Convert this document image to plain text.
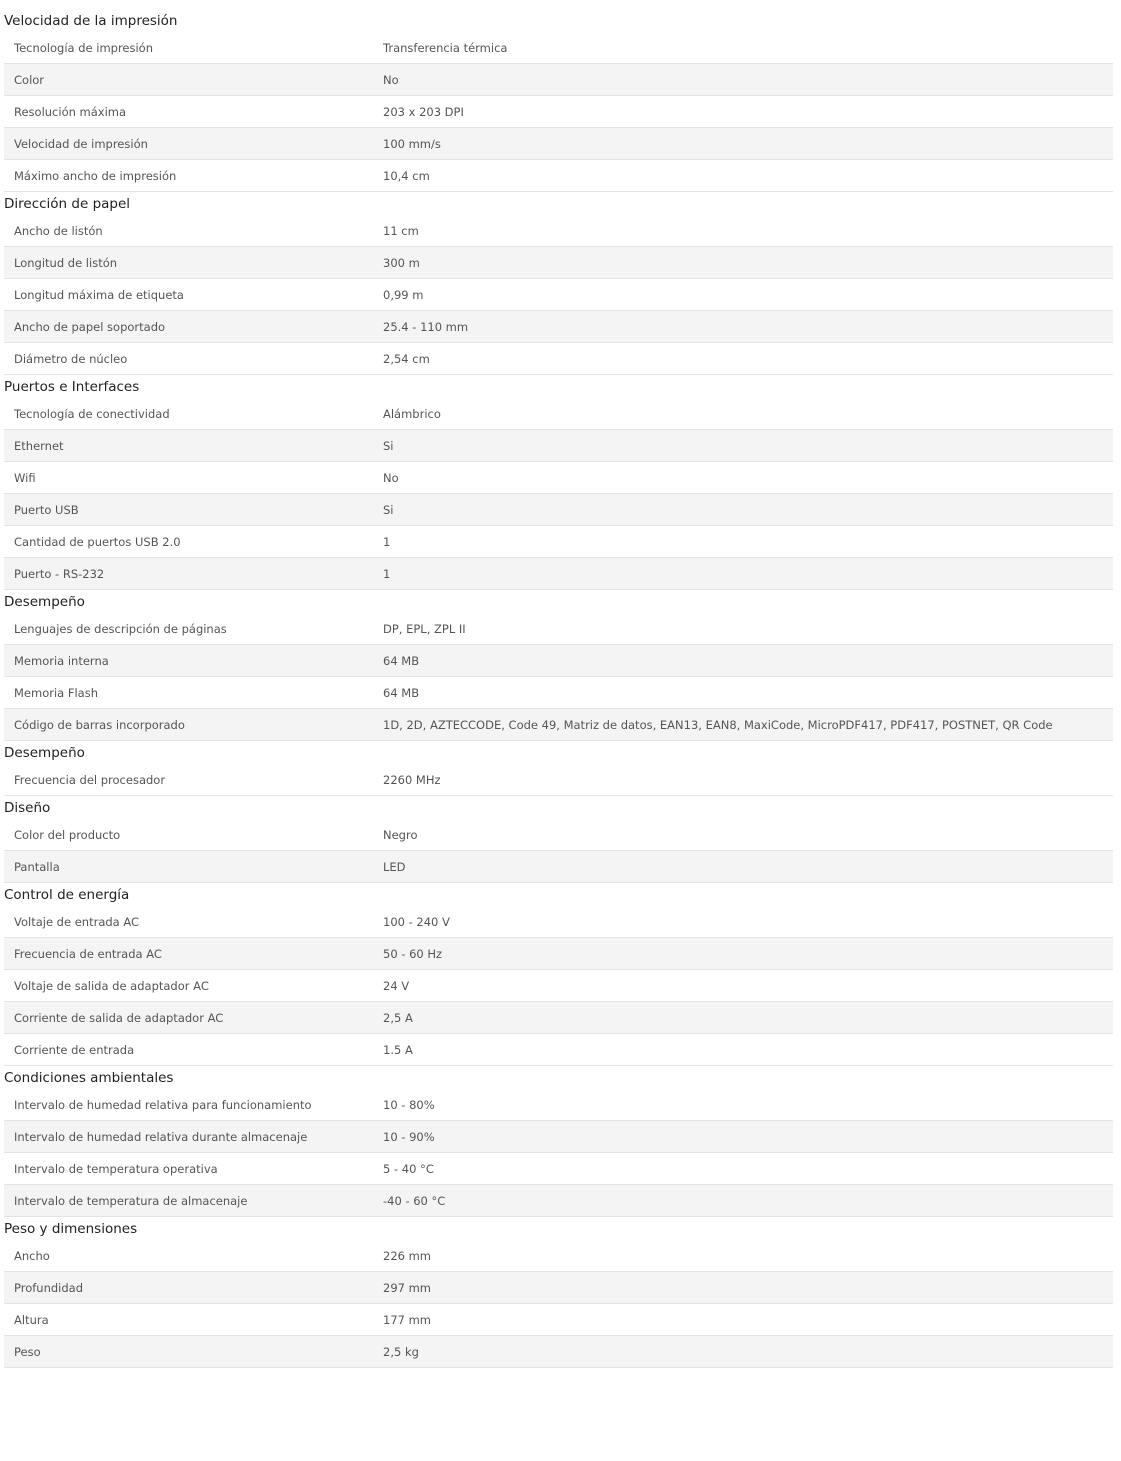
Velocidad de la impresión
Tecnología de impresión	Transferencia térmica
Color	No
Resolución máxima	203 x 203 DPI
Velocidad de impresión	100 mm/s
Máximo ancho de impresión	10,4 cm
Dirección de papel
Ancho de listón	11 cm
Longitud de listón	300 m
Longitud máxima de etiqueta	0,99 m
Ancho de papel soportado	25.4 - 110 mm
Diámetro de núcleo	2,54 cm
Puertos e Interfaces
Tecnología de conectividad	Alámbrico
Ethernet	Si
Wifi	No
Puerto USB	Si
Cantidad de puertos USB 2.0	1
Puerto - RS-232	1
Desempeño
Lenguajes de descripción de páginas	DP, EPL, ZPL II
Memoria interna	64 MB
Memoria Flash	64 MB
Código de barras incorporado	1D, 2D, AZTECCODE, Code 49, Matriz de datos, EAN13, EAN8, MaxiCode, MicroPDF417, PDF417, POSTNET, QR Code
Desempeño
Frecuencia del procesador	2260 MHz
Diseño
Color del producto	Negro
Pantalla	LED
Control de energía
Voltaje de entrada AC	100 - 240 V
Frecuencia de entrada AC	50 - 60 Hz
Voltaje de salida de adaptador AC	24 V
Corriente de salida de adaptador AC	2,5 A
Corriente de entrada	1.5 A
Condiciones ambientales
Intervalo de humedad relativa para funcionamiento	10 - 80%
Intervalo de humedad relativa durante almacenaje	10 - 90%
Intervalo de temperatura operativa	5 - 40 °C
Intervalo de temperatura de almacenaje	-40 - 60 °C
Peso y dimensiones
Ancho	226 mm
Profundidad	297 mm
Altura	177 mm
Peso	2,5 kg
